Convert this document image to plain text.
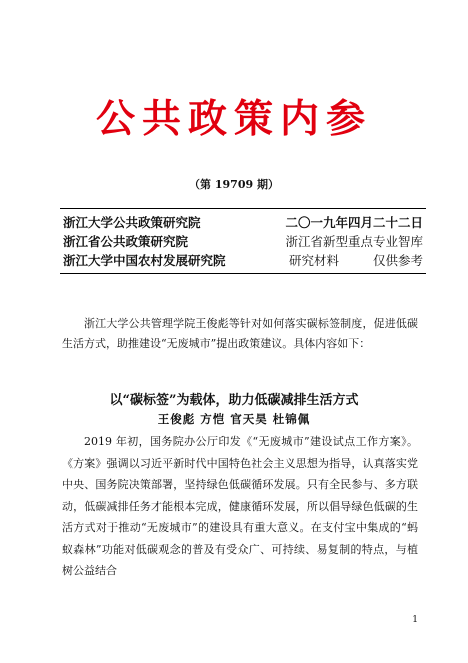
公共政策内参
（第 19709 期）
浙江大学公共政策研究院	二〇一九年四月二十二日
浙江省公共政策研究院	浙江省新型重点专业智库
浙江大学中国农村发展研究院	研究材料	仅供参考
浙江大学公共管理学院王俊彪等针对如何落实碳标签制度，促进低碳生活方式，助推建设“无废城市”提出政策建议。具体内容如下：
以“碳标签”为载体，助力低碳减排生活方式
王俊彪 方恺 官天昊 杜锦佩
2019 年初，国务院办公厅印发《“无废城市”建设试点工作方案》。《方案》强调以习近平新时代中国特色社会主义思想为指导，认真落实党中央、国务院决策部署，坚持绿色低碳循环发展。只有全民参与、多方联动，低碳减排任务才能根本完成，健康循环发展，所以倡导绿色低碳的生活方式对于推动“无废城市”的建设具有重大意义。在支付宝中集成的“蚂蚁森林”功能对低碳观念的普及有受众广、可持续、易复制的特点，与植树公益结合
1
